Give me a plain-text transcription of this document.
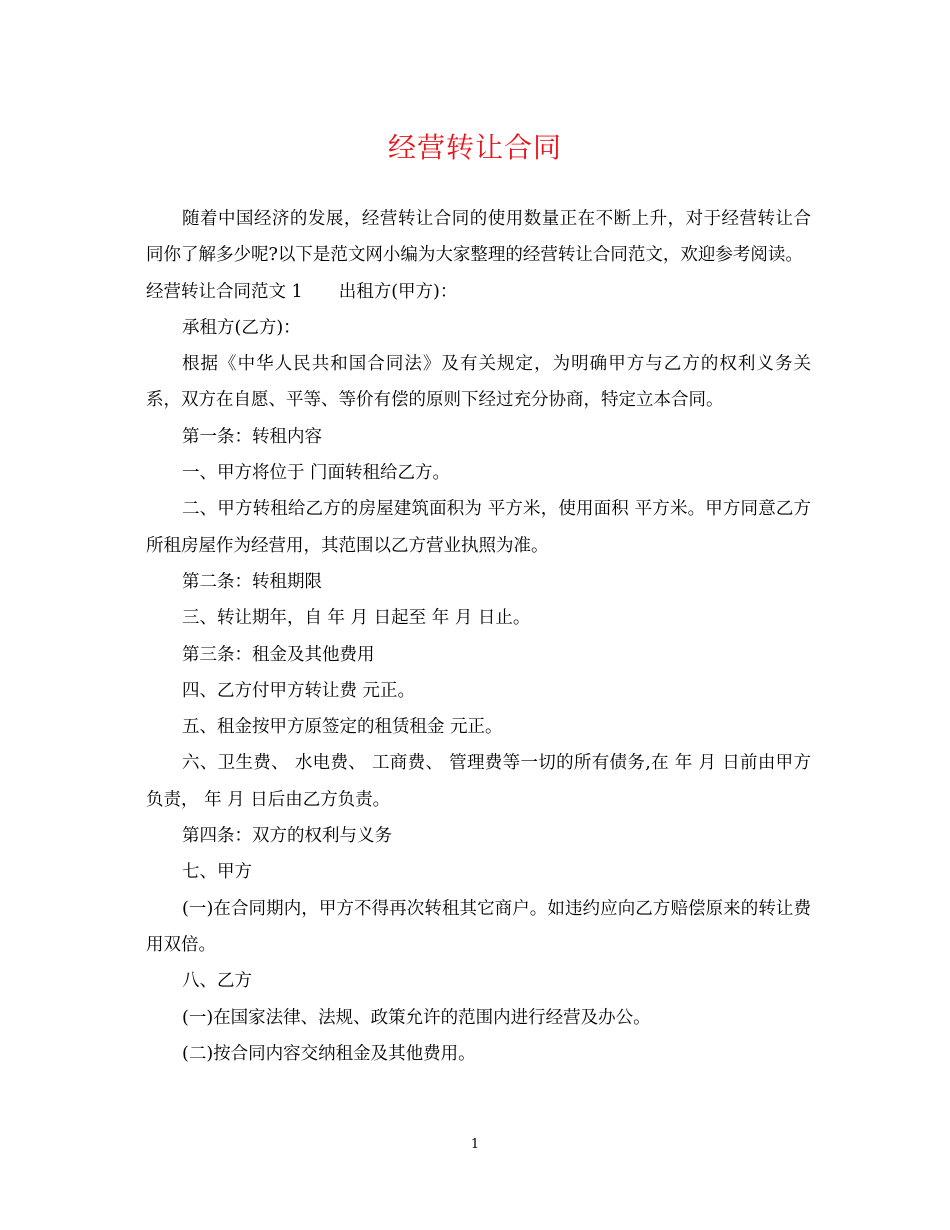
经营转让合同

随着中国经济的发展，经营转让合同的使用数量正在不断上升，对于经营转让合同你了解多少呢?以下是范文网小编为大家整理的经营转让合同范文，欢迎参考阅读。

经营转让合同范文 1 出租方(甲方)：

承租方(乙方)：

根据《中华人民共和国合同法》及有关规定，为明确甲方与乙方的权利义务关系，双方在自愿、平等、等价有偿的原则下经过充分协商，特定立本合同。

第一条：转租内容

一、甲方将位于 门面转租给乙方。

二、甲方转租给乙方的房屋建筑面积为 平方米，使用面积 平方米。甲方同意乙方所租房屋作为经营用，其范围以乙方营业执照为准。

第二条：转租期限

三、转让期年，自 年 月 日起至 年 月 日止。

第三条：租金及其他费用

四、乙方付甲方转让费 元正。

五、租金按甲方原签定的租赁租金 元正。

六、卫生费、 水电费、 工商费、 管理费等一切的所有债务,在 年 月 日前由甲方负责， 年 月 日后由乙方负责。

第四条：双方的权利与义务

七、甲方

(一)在合同期内，甲方不得再次转租其它商户。如违约应向乙方赔偿原来的转让费用双倍。

八、乙方

(一)在国家法律、法规、政策允许的范围内进行经营及办公。

(二)按合同内容交纳租金及其他费用。

1
